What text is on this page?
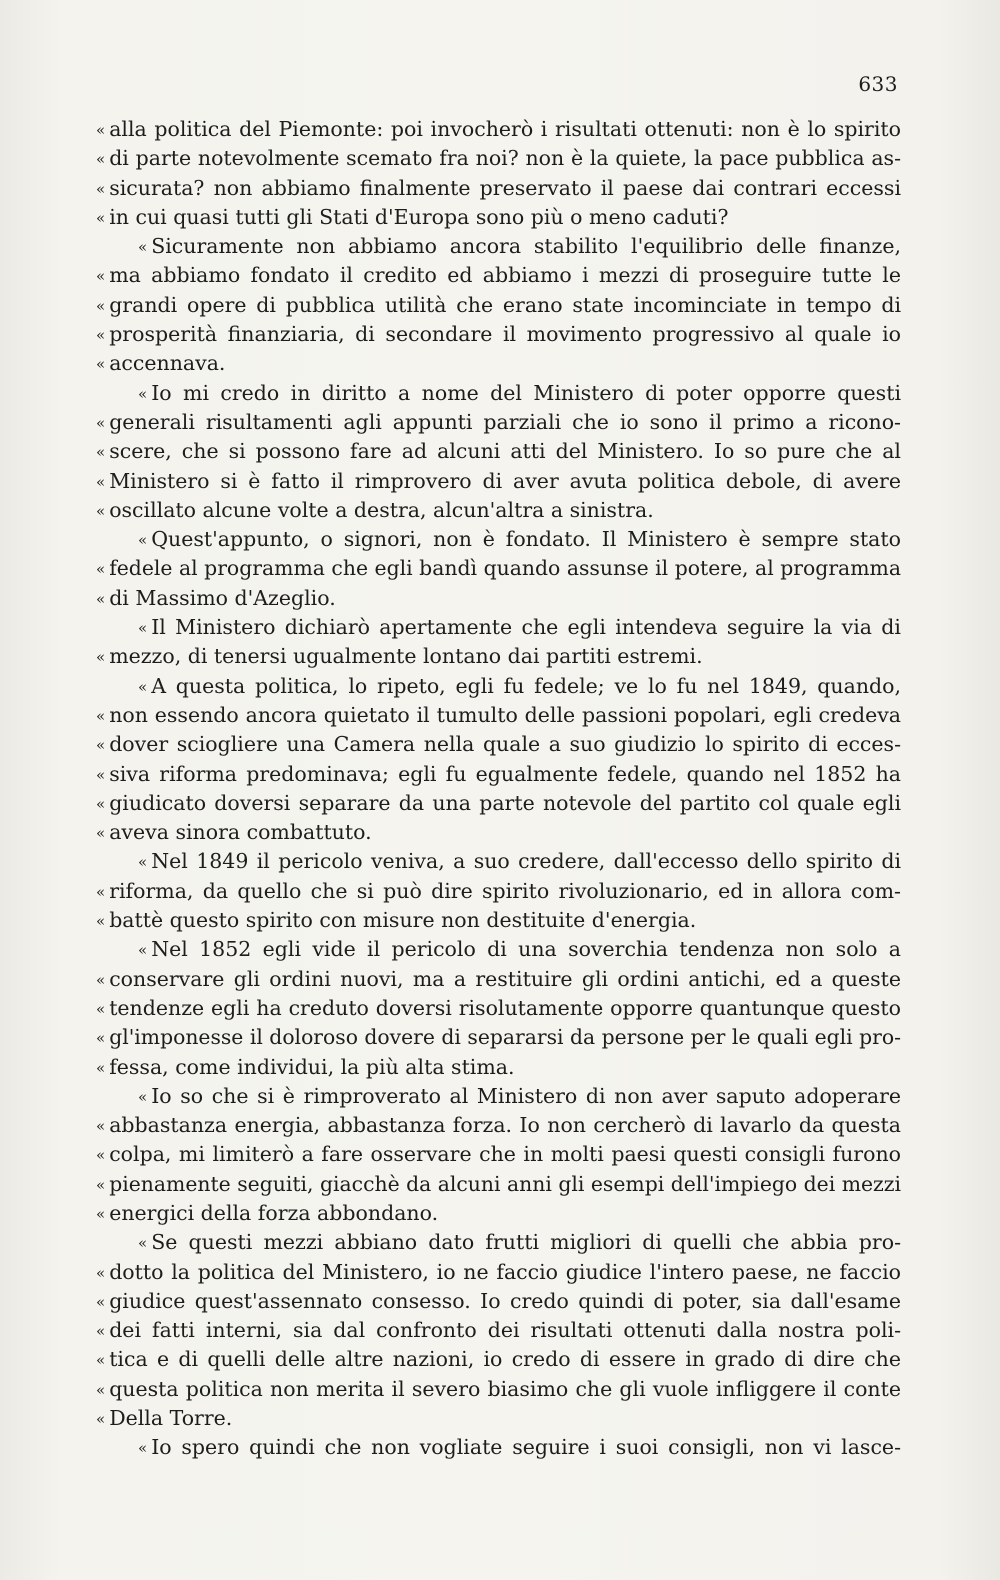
633
« alla politica del Piemonte: poi invocherò i risultati ottenuti: non è lo spirito
« di parte notevolmente scemato fra noi? non è la quiete, la pace pubblica as-
« sicurata? non abbiamo finalmente preservato il paese dai contrari eccessi
« in cui quasi tutti gli Stati d'Europa sono più o meno caduti?
« Sicuramente non abbiamo ancora stabilito l'equilibrio delle finanze,
« ma abbiamo fondato il credito ed abbiamo i mezzi di proseguire tutte le
« grandi opere di pubblica utilità che erano state incominciate in tempo di
« prosperità finanziaria, di secondare il movimento progressivo al quale io
« accennava.
« Io mi credo in diritto a nome del Ministero di poter opporre questi
« generali risultamenti agli appunti parziali che io sono il primo a ricono-
« scere, che si possono fare ad alcuni atti del Ministero. Io so pure che al
« Ministero si è fatto il rimprovero di aver avuta politica debole, di avere
« oscillato alcune volte a destra, alcun'altra a sinistra.
« Quest'appunto, o signori, non è fondato. Il Ministero è sempre stato
« fedele al programma che egli bandì quando assunse il potere, al programma
« di Massimo d'Azeglio.
« Il Ministero dichiarò apertamente che egli intendeva seguire la via di
« mezzo, di tenersi ugualmente lontano dai partiti estremi.
« A questa politica, lo ripeto, egli fu fedele; ve lo fu nel 1849, quando,
« non essendo ancora quietato il tumulto delle passioni popolari, egli credeva
« dover sciogliere una Camera nella quale a suo giudizio lo spirito di ecces-
« siva riforma predominava; egli fu egualmente fedele, quando nel 1852 ha
« giudicato doversi separare da una parte notevole del partito col quale egli
« aveva sinora combattuto.
« Nel 1849 il pericolo veniva, a suo credere, dall'eccesso dello spirito di
« riforma, da quello che si può dire spirito rivoluzionario, ed in allora com-
« battè questo spirito con misure non destituite d'energia.
« Nel 1852 egli vide il pericolo di una soverchia tendenza non solo a
« conservare gli ordini nuovi, ma a restituire gli ordini antichi, ed a queste
« tendenze egli ha creduto doversi risolutamente opporre quantunque questo
« gl'imponesse il doloroso dovere di separarsi da persone per le quali egli pro-
« fessa, come individui, la più alta stima.
« Io so che si è rimproverato al Ministero di non aver saputo adoperare
« abbastanza energia, abbastanza forza. Io non cercherò di lavarlo da questa
« colpa, mi limiterò a fare osservare che in molti paesi questi consigli furono
« pienamente seguiti, giacchè da alcuni anni gli esempi dell'impiego dei mezzi
« energici della forza abbondano.
« Se questi mezzi abbiano dato frutti migliori di quelli che abbia pro-
« dotto la politica del Ministero, io ne faccio giudice l'intero paese, ne faccio
« giudice quest'assennato consesso. Io credo quindi di poter, sia dall'esame
« dei fatti interni, sia dal confronto dei risultati ottenuti dalla nostra poli-
« tica e di quelli delle altre nazioni, io credo di essere in grado di dire che
« questa politica non merita il severo biasimo che gli vuole infliggere il conte
« Della Torre.
« Io spero quindi che non vogliate seguire i suoi consigli, non vi lasce-
